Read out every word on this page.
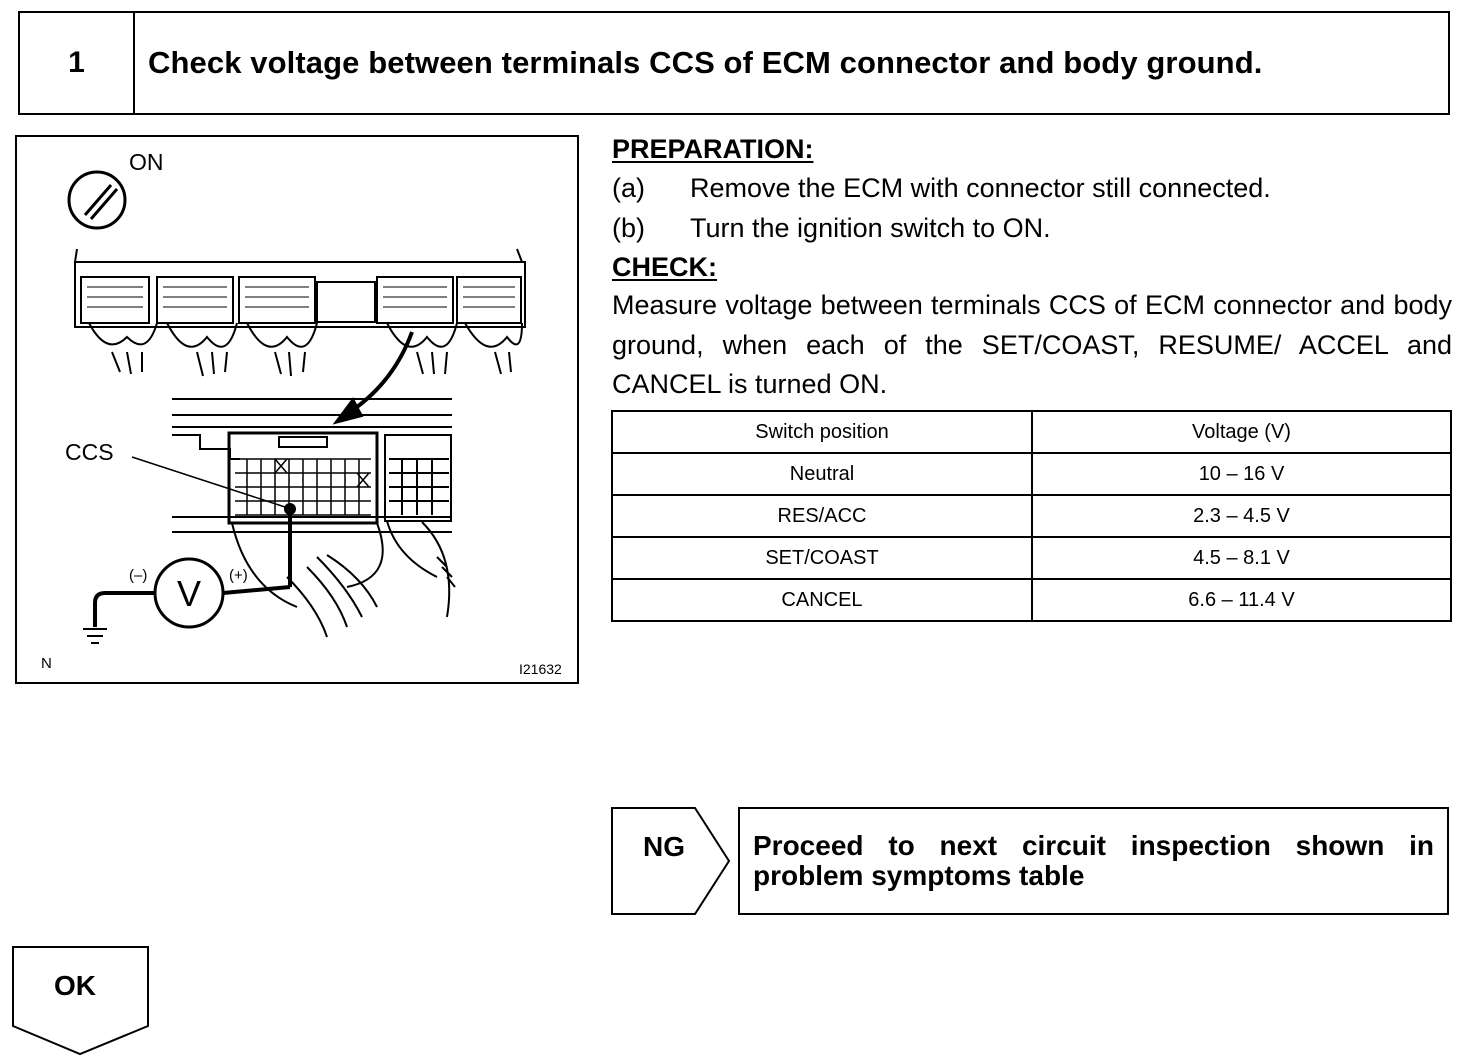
1	Check voltage between terminals CCS of ECM connector and body ground.
ON
CCS
(–)	(+)
V
N	I21632
PREPARATION:
(a)	Remove the ECM with connector still connected.
(b)	Turn the ignition switch to ON.
CHECK:
Measure voltage between terminals CCS of ECM connector and body ground, when each of the SET/COAST, RESUME/ ACCEL and CANCEL is turned ON.
Switch position	Voltage (V)
Neutral	10 – 16 V
RES/ACC	2.3 – 4.5 V
SET/COAST	4.5 – 8.1 V
CANCEL	6.6 – 11.4 V
NG	Proceed to next circuit inspection shown in problem symptoms table
OK
